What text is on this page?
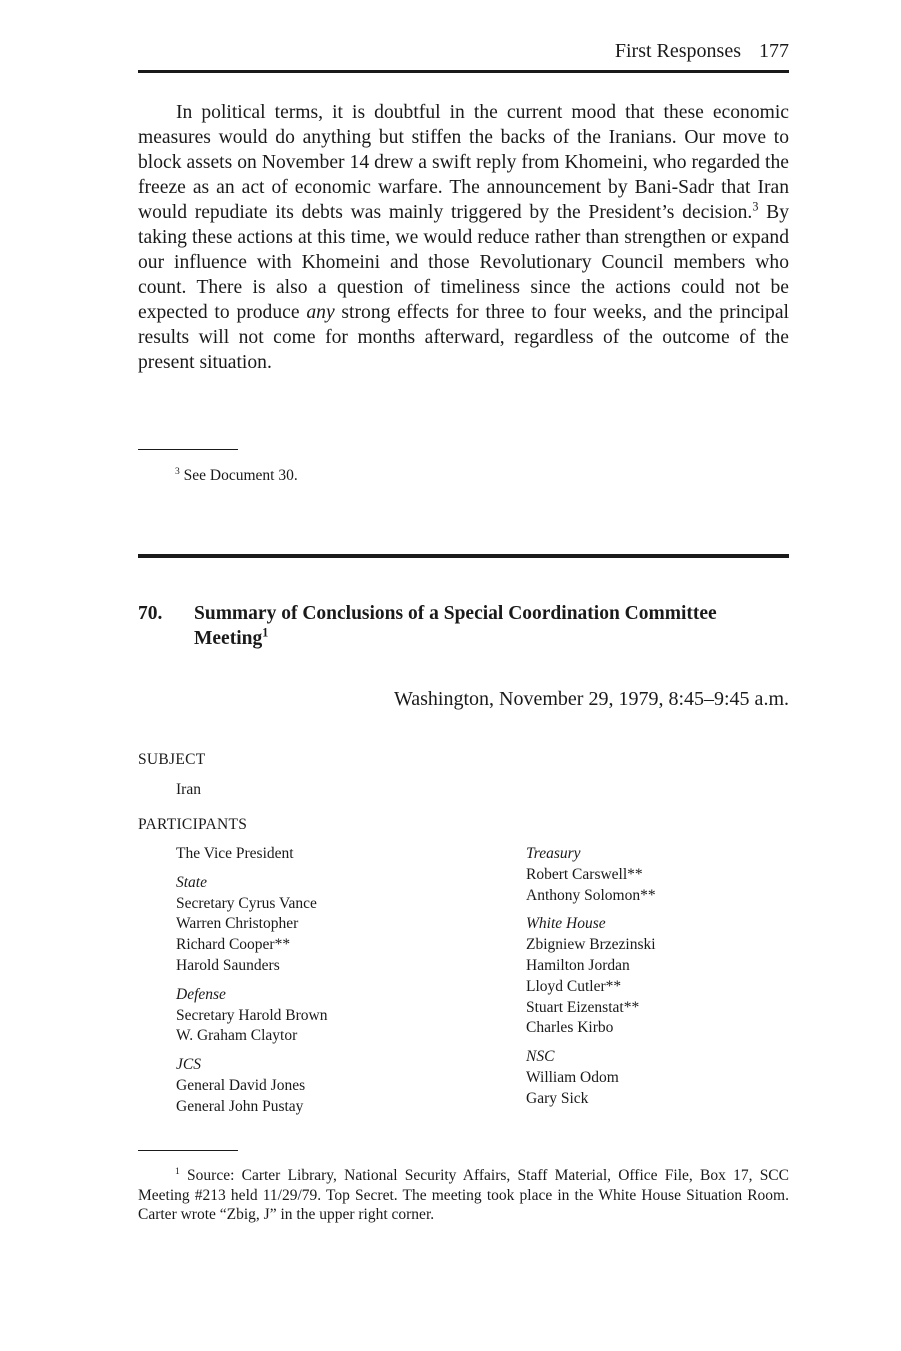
First Responses 177

In political terms, it is doubtful in the current mood that these economic measures would do anything but stiffen the backs of the Iranians. Our move to block assets on November 14 drew a swift reply from Khomeini, who regarded the freeze as an act of economic warfare. The announcement by Bani-Sadr that Iran would repudiate its debts was mainly triggered by the President’s decision.$^3$ By taking these actions at this time, we would reduce rather than strengthen or expand our influence with Khomeini and those Revolutionary Council members who count. There is also a question of timeliness since the actions could not be expected to produce any strong effects for three to four weeks, and the principal results will not come for months afterward, regardless of the outcome of the present situation.

$^3$ See Document 30.
70. Summary of Conclusions of a Special Coordination Committee Meeting$^1$
Washington, November 29, 1979, 8:45–9:45 a.m.
SUBJECT
Iran
PARTICIPANTS
The Vice President
State
Secretary Cyrus Vance
Warren Christopher
Richard Cooper**
Harold Saunders
Defense
Secretary Harold Brown
W. Graham Claytor
JCS
General David Jones
General John Pustay
Treasury
Robert Carswell**
Anthony Solomon**
White House
Zbigniew Brzezinski
Hamilton Jordan
Lloyd Cutler**
Stuart Eizenstat**
Charles Kirbo
NSC
William Odom
Gary Sick
$^1$ Source: Carter Library, National Security Affairs, Staff Material, Office File, Box 17, SCC Meeting #213 held 11/29/79. Top Secret. The meeting took place in the White House Situation Room. Carter wrote “Zbig, J” in the upper right corner.
